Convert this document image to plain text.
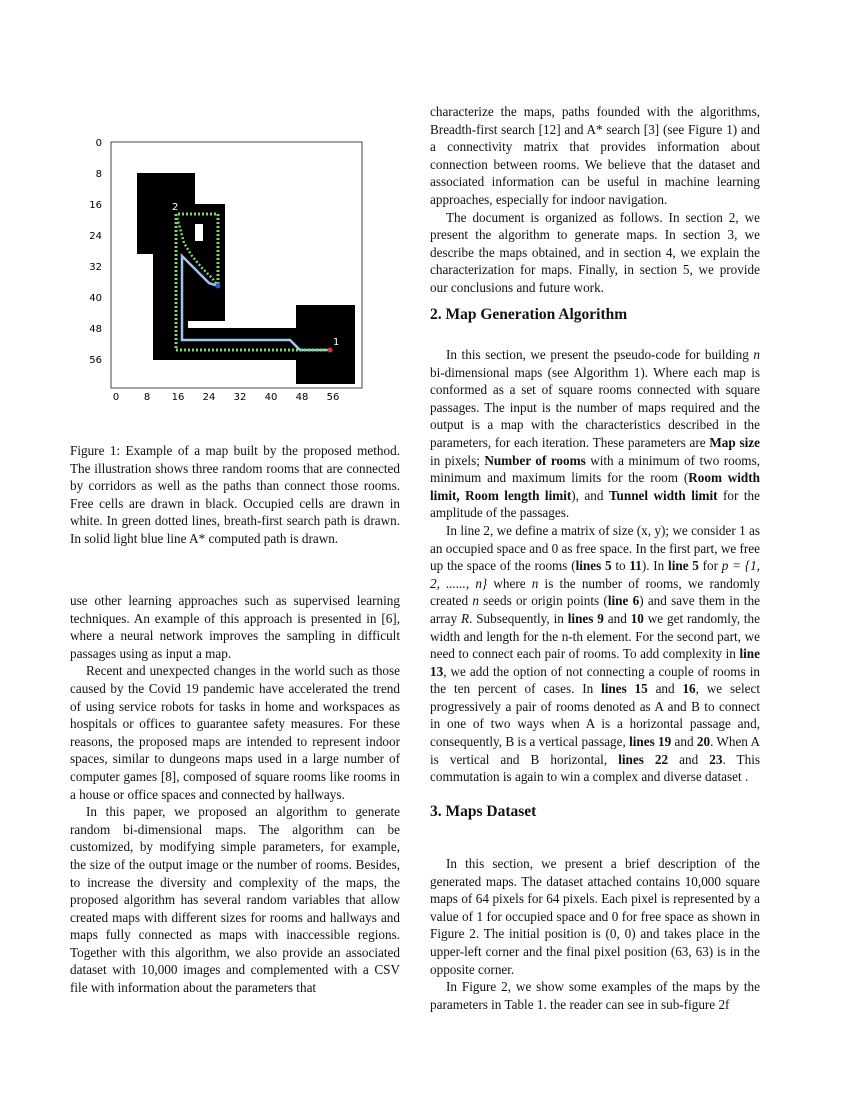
1
2
3
0
8
16
24
32
40
48
56
0 8 16 24 32 40 48 56

Figure 1: Example of a map built by the proposed method. The illustration shows three random rooms that are connected by corridors as well as the paths than connect those rooms. Free cells are drawn in black. Occupied cells are drawn in white. In green dotted lines, breath-first search path is drawn. In solid light blue line A* computed path is drawn.

use other learning approaches such as supervised learning techniques. An example of this approach is presented in [6], where a neural network improves the sampling in difficult passages using as input a map.

Recent and unexpected changes in the world such as those caused by the Covid 19 pandemic have accelerated the trend of using service robots for tasks in home and workspaces as hospitals or offices to guarantee safety measures. For these reasons, the proposed maps are intended to represent indoor spaces, similar to dungeons maps used in a large number of computer games [8], composed of square rooms like rooms in a house or office spaces and connected by hallways.

In this paper, we proposed an algorithm to generate random bi-dimensional maps. The algorithm can be customized, by modifying simple parameters, for example, the size of the output image or the number of rooms. Besides, to increase the diversity and complexity of the maps, the proposed algorithm has several random variables that allow created maps with different sizes for rooms and hallways and maps fully connected as maps with inaccessible regions. Together with this algorithm, we also provide an associated dataset with 10,000 images and complemented with a CSV file with information about the parameters that

characterize the maps, paths founded with the algorithms, Breadth-first search [12] and A* search [3] (see Figure 1) and a connectivity matrix that provides information about connection between rooms. We believe that the dataset and associated information can be useful in machine learning approaches, especially for indoor navigation.

The document is organized as follows. In section 2, we present the algorithm to generate maps. In section 3, we describe the maps obtained, and in section 4, we explain the characterization for maps. Finally, in section 5, we provide our conclusions and future work.

2. Map Generation Algorithm

In this section, we present the pseudo-code for building n bi-dimensional maps (see Algorithm 1). Where each map is conformed as a set of square rooms connected with square passages. The input is the number of maps required and the output is a map with the characteristics described in the parameters, for each iteration. These parameters are Map size in pixels; Number of rooms with a minimum of two rooms, minimum and maximum limits for the room (Room width limit, Room length limit), and Tunnel width limit for the amplitude of the passages.

In line 2, we define a matrix of size (x, y); we consider 1 as an occupied space and 0 as free space. In the first part, we free up the space of the rooms (lines 5 to 11). In line 5 for p = {1, 2, ......, n} where n is the number of rooms, we randomly created n seeds or origin points (line 6) and save them in the array R. Subsequently, in lines 9 and 10 we get randomly, the width and length for the n-th element. For the second part, we need to connect each pair of rooms. To add complexity in line 13, we add the option of not connecting a couple of rooms in the ten percent of cases. In lines 15 and 16, we select progressively a pair of rooms denoted as A and B to connect in one of two ways when A is a horizontal passage and, consequently, B is a vertical passage, lines 19 and 20. When A is vertical and B horizontal, lines 22 and 23. This commutation is again to win a complex and diverse dataset .

3. Maps Dataset

In this section, we present a brief description of the generated maps. The dataset attached contains 10,000 square maps of 64 pixels for 64 pixels. Each pixel is represented by a value of 1 for occupied space and 0 for free space as shown in Figure 2. The initial position is (0, 0) and takes place in the upper-left corner and the final pixel position (63, 63) is in the opposite corner.

In Figure 2, we show some examples of the maps by the parameters in Table 1. the reader can see in sub-figure 2f
